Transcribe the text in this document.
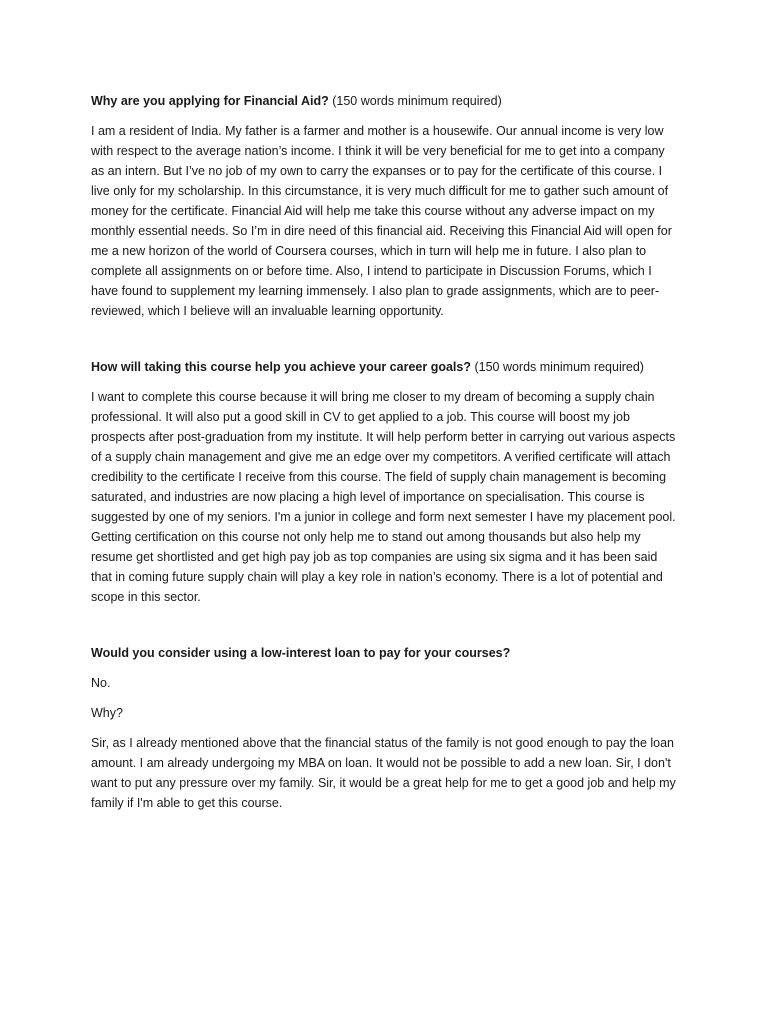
Why are you applying for Financial Aid? (150 words minimum required)

I am a resident of India. My father is a farmer and mother is a housewife. Our annual income is very low with respect to the average nation’s income. I think it will be very beneficial for me to get into a company as an intern. But I’ve no job of my own to carry the expanses or to pay for the certificate of this course. I live only for my scholarship. In this circumstance, it is very much difficult for me to gather such amount of money for the certificate. Financial Aid will help me take this course without any adverse impact on my monthly essential needs. So I’m in dire need of this financial aid. Receiving this Financial Aid will open for me a new horizon of the world of Coursera courses, which in turn will help me in future. I also plan to complete all assignments on or before time. Also, I intend to participate in Discussion Forums, which I have found to supplement my learning immensely. I also plan to grade assignments, which are to peer-reviewed, which I believe will an invaluable learning opportunity.

How will taking this course help you achieve your career goals? (150 words minimum required)

I want to complete this course because it will bring me closer to my dream of becoming a supply chain professional. It will also put a good skill in CV to get applied to a job. This course will boost my job prospects after post-graduation from my institute. It will help perform better in carrying out various aspects of a supply chain management and give me an edge over my competitors. A verified certificate will attach credibility to the certificate I receive from this course. The field of supply chain management is becoming saturated, and industries are now placing a high level of importance on specialisation. This course is suggested by one of my seniors. I'm a junior in college and form next semester I have my placement pool. Getting certification on this course not only help me to stand out among thousands but also help my resume get shortlisted and get high pay job as top companies are using six sigma and it has been said that in coming future supply chain will play a key role in nation’s economy. There is a lot of potential and scope in this sector.

Would you consider using a low-interest loan to pay for your courses?

No.

Why?

Sir, as I already mentioned above that the financial status of the family is not good enough to pay the loan amount. I am already undergoing my MBA on loan. It would not be possible to add a new loan. Sir, I don't want to put any pressure over my family. Sir, it would be a great help for me to get a good job and help my family if I'm able to get this course.
